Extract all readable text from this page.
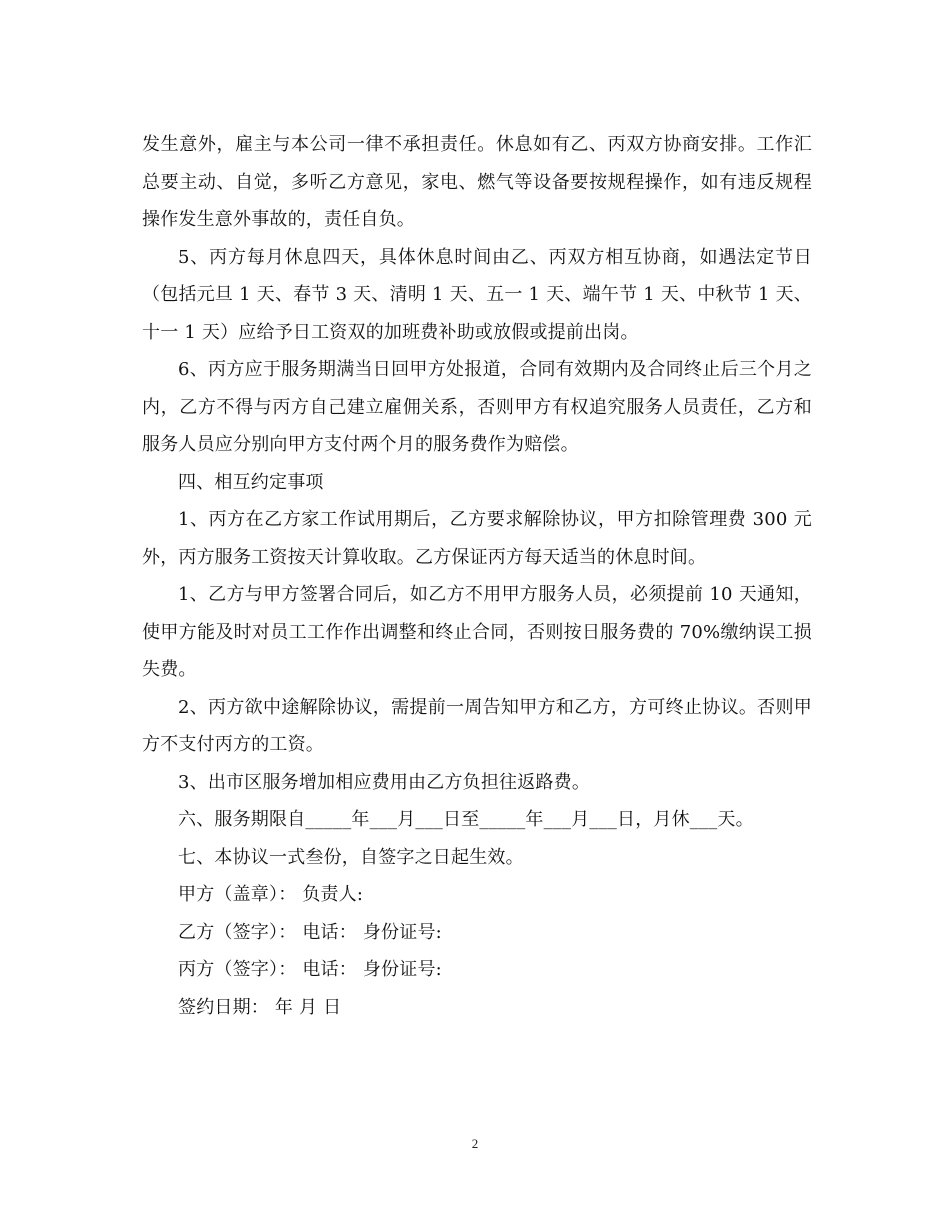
发生意外，雇主与本公司一律不承担责任。休息如有乙、丙双方协商安排。工作汇总要主动、自觉，多听乙方意见，家电、燃气等设备要按规程操作，如有违反规程操作发生意外事故的，责任自负。

5、丙方每月休息四天，具体休息时间由乙、丙双方相互协商，如遇法定节日（包括元旦 1 天、春节 3 天、清明 1 天、五一 1 天、端午节 1 天、中秋节 1 天、十一 1 天）应给予日工资双的加班费补助或放假或提前出岗。

6、丙方应于服务期满当日回甲方处报道，合同有效期内及合同终止后三个月之内，乙方不得与丙方自己建立雇佣关系，否则甲方有权追究服务人员责任，乙方和服务人员应分别向甲方支付两个月的服务费作为赔偿。

四、相互约定事项

1、丙方在乙方家工作试用期后，乙方要求解除协议，甲方扣除管理费 300 元外，丙方服务工资按天计算收取。乙方保证丙方每天适当的休息时间。

1、乙方与甲方签署合同后，如乙方不用甲方服务人员，必须提前 10 天通知，使甲方能及时对员工工作作出调整和终止合同，否则按日服务费的 70%缴纳误工损失费。

2、丙方欲中途解除协议，需提前一周告知甲方和乙方，方可终止协议。否则甲方不支付丙方的工资。

3、出市区服务增加相应费用由乙方负担往返路费。

六、服务期限自_____年___月___日至_____年___月___日，月休___天。

七、本协议一式叁份，自签字之日起生效。

甲方（盖章）： 负责人:

乙方（签字）： 电话： 身份证号:

丙方（签字）： 电话： 身份证号:

签约日期： 年 月 日

2
